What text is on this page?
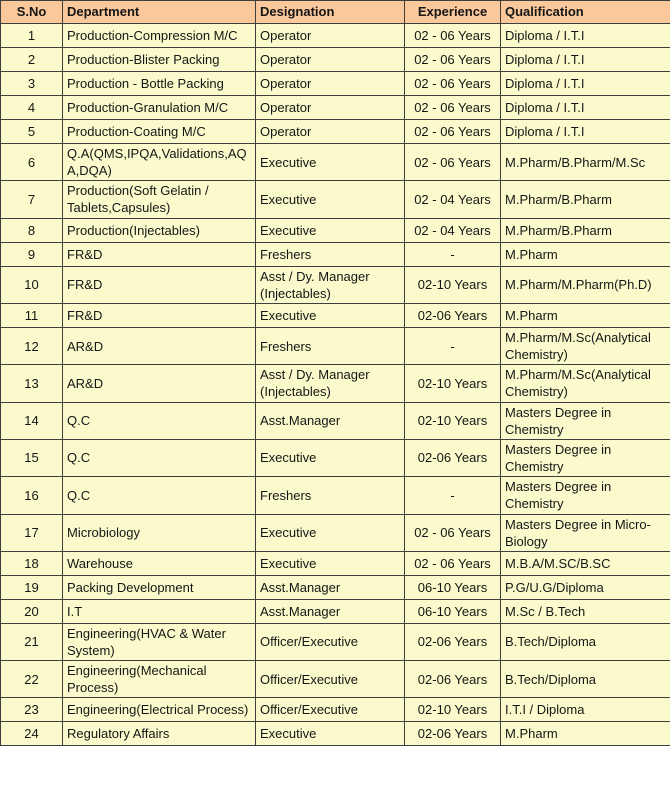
S.No	Department	Designation	Experience	Qualification
1	Production-Compression M/C	Operator	02 - 06 Years	Diploma / I.T.I
2	Production-Blister Packing	Operator	02 - 06 Years	Diploma / I.T.I
3	Production - Bottle Packing	Operator	02 - 06 Years	Diploma / I.T.I
4	Production-Granulation M/C	Operator	02 - 06 Years	Diploma / I.T.I
5	Production-Coating M/C	Operator	02 - 06 Years	Diploma / I.T.I
6	Q.A(QMS,IPQA,Validations,AQA,DQA)	Executive	02 - 06 Years	M.Pharm/B.Pharm/M.Sc
7	Production(Soft Gelatin / Tablets,Capsules)	Executive	02 - 04 Years	M.Pharm/B.Pharm
8	Production(Injectables)	Executive	02 - 04 Years	M.Pharm/B.Pharm
9	FR&D	Freshers	-	M.Pharm
10	FR&D	Asst / Dy. Manager (Injectables)	02-10 Years	M.Pharm/M.Pharm(Ph.D)
11	FR&D	Executive	02-06 Years	M.Pharm
12	AR&D	Freshers	-	M.Pharm/M.Sc(Analytical Chemistry)
13	AR&D	Asst / Dy. Manager (Injectables)	02-10 Years	M.Pharm/M.Sc(Analytical Chemistry)
14	Q.C	Asst.Manager	02-10 Years	Masters Degree in Chemistry
15	Q.C	Executive	02-06 Years	Masters Degree in Chemistry
16	Q.C	Freshers	-	Masters Degree in Chemistry
17	Microbiology	Executive	02 - 06 Years	Masters Degree in Micro-Biology
18	Warehouse	Executive	02 - 06 Years	M.B.A/M.SC/B.SC
19	Packing Development	Asst.Manager	06-10 Years	P.G/U.G/Diploma
20	I.T	Asst.Manager	06-10 Years	M.Sc / B.Tech
21	Engineering(HVAC & Water System)	Officer/Executive	02-06 Years	B.Tech/Diploma
22	Engineering(Mechanical Process)	Officer/Executive	02-06 Years	B.Tech/Diploma
23	Engineering(Electrical Process)	Officer/Executive	02-10 Years	I.T.I / Diploma
24	Regulatory Affairs	Executive	02-06 Years	M.Pharm
